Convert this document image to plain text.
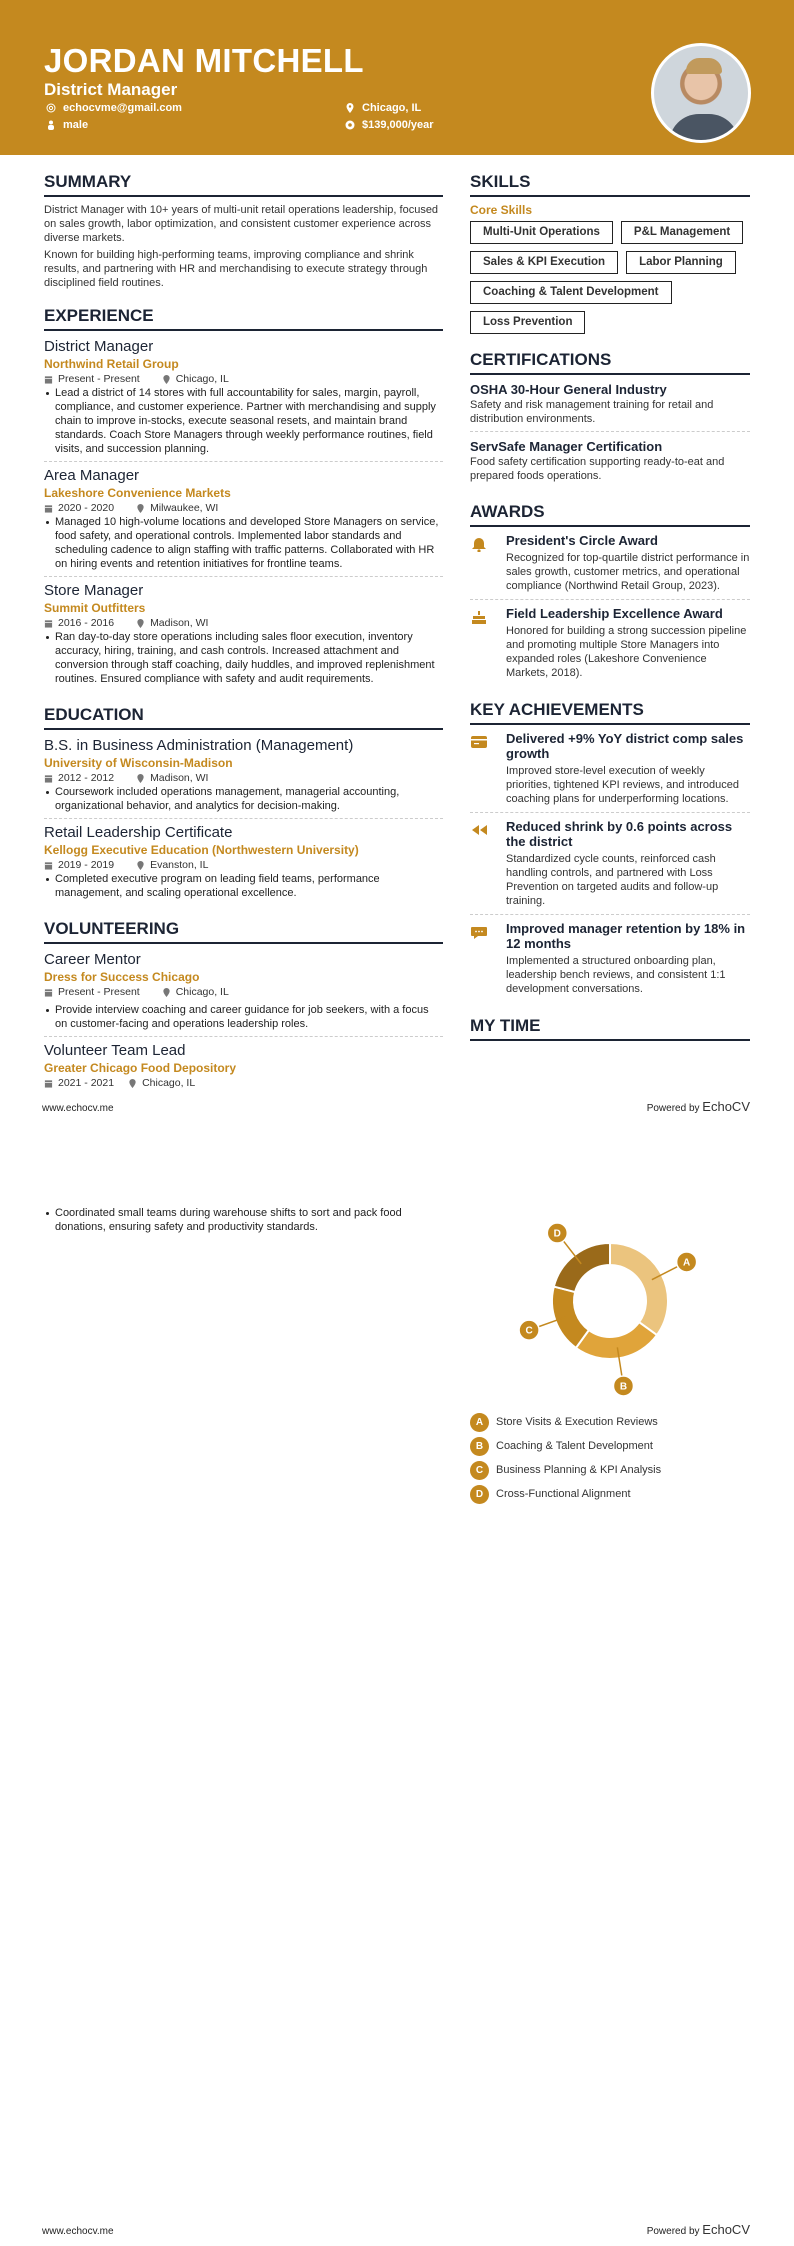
JORDAN MITCHELL
District Manager
echocvme@gmail.com
male
Chicago, IL
$139,000/year
SUMMARY

District Manager with 10+ years of multi-unit retail operations leadership, focused on sales growth, labor optimization, and consistent customer experience across diverse markets.

Known for building high-performing teams, improving compliance and shrink results, and partnering with HR and merchandising to execute strategy through disciplined field routines.

EXPERIENCE
District Manager
Northwind Retail Group
Present - Present	Chicago, IL
Lead a district of 14 stores with full accountability for sales, margin, payroll, compliance, and customer experience. Partner with merchandising and supply chain to improve in-stocks, execute seasonal resets, and maintain brand standards. Coach Store Managers through weekly performance routines, field visits, and succession planning.
Area Manager
Lakeshore Convenience Markets
2020 - 2020	Milwaukee, WI
Managed 10 high-volume locations and developed Store Managers on service, food safety, and operational controls. Implemented labor standards and scheduling cadence to align staffing with traffic patterns. Collaborated with HR on hiring events and retention initiatives for frontline teams.
Store Manager
Summit Outfitters
2016 - 2016	Madison, WI
Ran day-to-day store operations including sales floor execution, inventory accuracy, hiring, training, and cash controls. Increased attachment and conversion through staff coaching, daily huddles, and improved replenishment routines. Ensured compliance with safety and audit requirements.
EDUCATION
B.S. in Business Administration (Management)
University of Wisconsin-Madison
2012 - 2012	Madison, WI
Coursework included operations management, managerial accounting, organizational behavior, and analytics for decision-making.
Retail Leadership Certificate
Kellogg Executive Education (Northwestern University)
2019 - 2019	Evanston, IL
Completed executive program on leading field teams, performance management, and scaling operational excellence.
VOLUNTEERING
Career Mentor
Dress for Success Chicago
Present - Present	Chicago, IL
Provide interview coaching and career guidance for job seekers, with a focus on customer-facing and operations leadership roles.
Volunteer Team Lead
Greater Chicago Food Depository
2021 - 2021	Chicago, IL
SKILLS
Core Skills
Multi-Unit Operations	P&L Management
Sales & KPI Execution	Labor Planning
Coaching & Talent Development
Loss Prevention
CERTIFICATIONS
OSHA 30-Hour General Industry
Safety and risk management training for retail and distribution environments.
ServSafe Manager Certification
Food safety certification supporting ready-to-eat and prepared foods operations.
AWARDS
President's Circle Award
Recognized for top-quartile district performance in sales growth, customer metrics, and operational compliance (Northwind Retail Group, 2023).
Field Leadership Excellence Award
Honored for building a strong succession pipeline and promoting multiple Store Managers into expanded roles (Lakeshore Convenience Markets, 2018).
KEY ACHIEVEMENTS
Delivered +9% YoY district comp sales growth
Improved store-level execution of weekly priorities, tightened KPI reviews, and introduced coaching plans for underperforming locations.
Reduced shrink by 0.6 points across the district
Standardized cycle counts, reinforced cash handling controls, and partnered with Loss Prevention on targeted audits and follow-up training.
Improved manager retention by 18% in 12 months
Implemented a structured onboarding plan, leadership bench reviews, and consistent 1:1 development conversations.
MY TIME
www.echocv.me	Powered by EchoCV
Coordinated small teams during warehouse shifts to sort and pack food donations, ensuring safety and productivity standards.
A
B
C
D
A	Store Visits & Execution Reviews
B	Coaching & Talent Development
C	Business Planning & KPI Analysis
D	Cross-Functional Alignment
www.echocv.me	Powered by EchoCV
